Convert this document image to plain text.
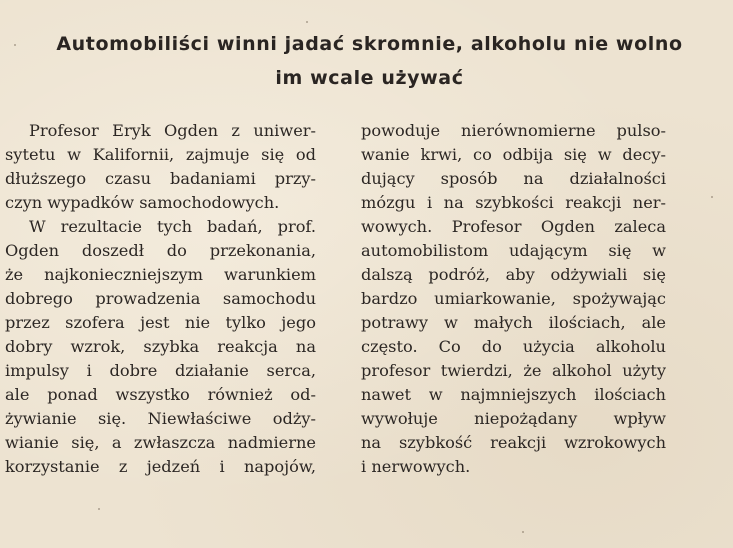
Automobiliści winni jadać skromnie, alkoholu nie wolno
im wcale używać
Profesor Eryk Ogden z uniwer-
sytetu w Kalifornii, zajmuje się od
dłuższego czasu badaniami przy-
czyn wypadków samochodowych.
W rezultacie tych badań, prof.
Ogden doszedł do przekonania,
że najkonieczniejszym warunkiem
dobrego prowadzenia samochodu
przez szofera jest nie tylko jego
dobry wzrok, szybka reakcja na
impulsy i dobre działanie serca,
ale ponad wszystko również od-
żywianie się. Niewłaściwe odży-
wianie się, a zwłaszcza nadmierne
korzystanie z jedzeń i napojów,
powoduje nierównomierne pulso-
wanie krwi, co odbija się w decy-
dujący sposób na działalności
mózgu i na szybkości reakcji ner-
wowych. Profesor Ogden zaleca
automobilistom udającym się w
dalszą podróż, aby odżywiali się
bardzo umiarkowanie, spożywając
potrawy w małych ilościach, ale
często. Co do użycia alkoholu
profesor twierdzi, że alkohol użyty
nawet w najmniejszych ilościach
wywołuje niepożądany wpływ
na szybkość reakcji wzrokowych
i nerwowych.
